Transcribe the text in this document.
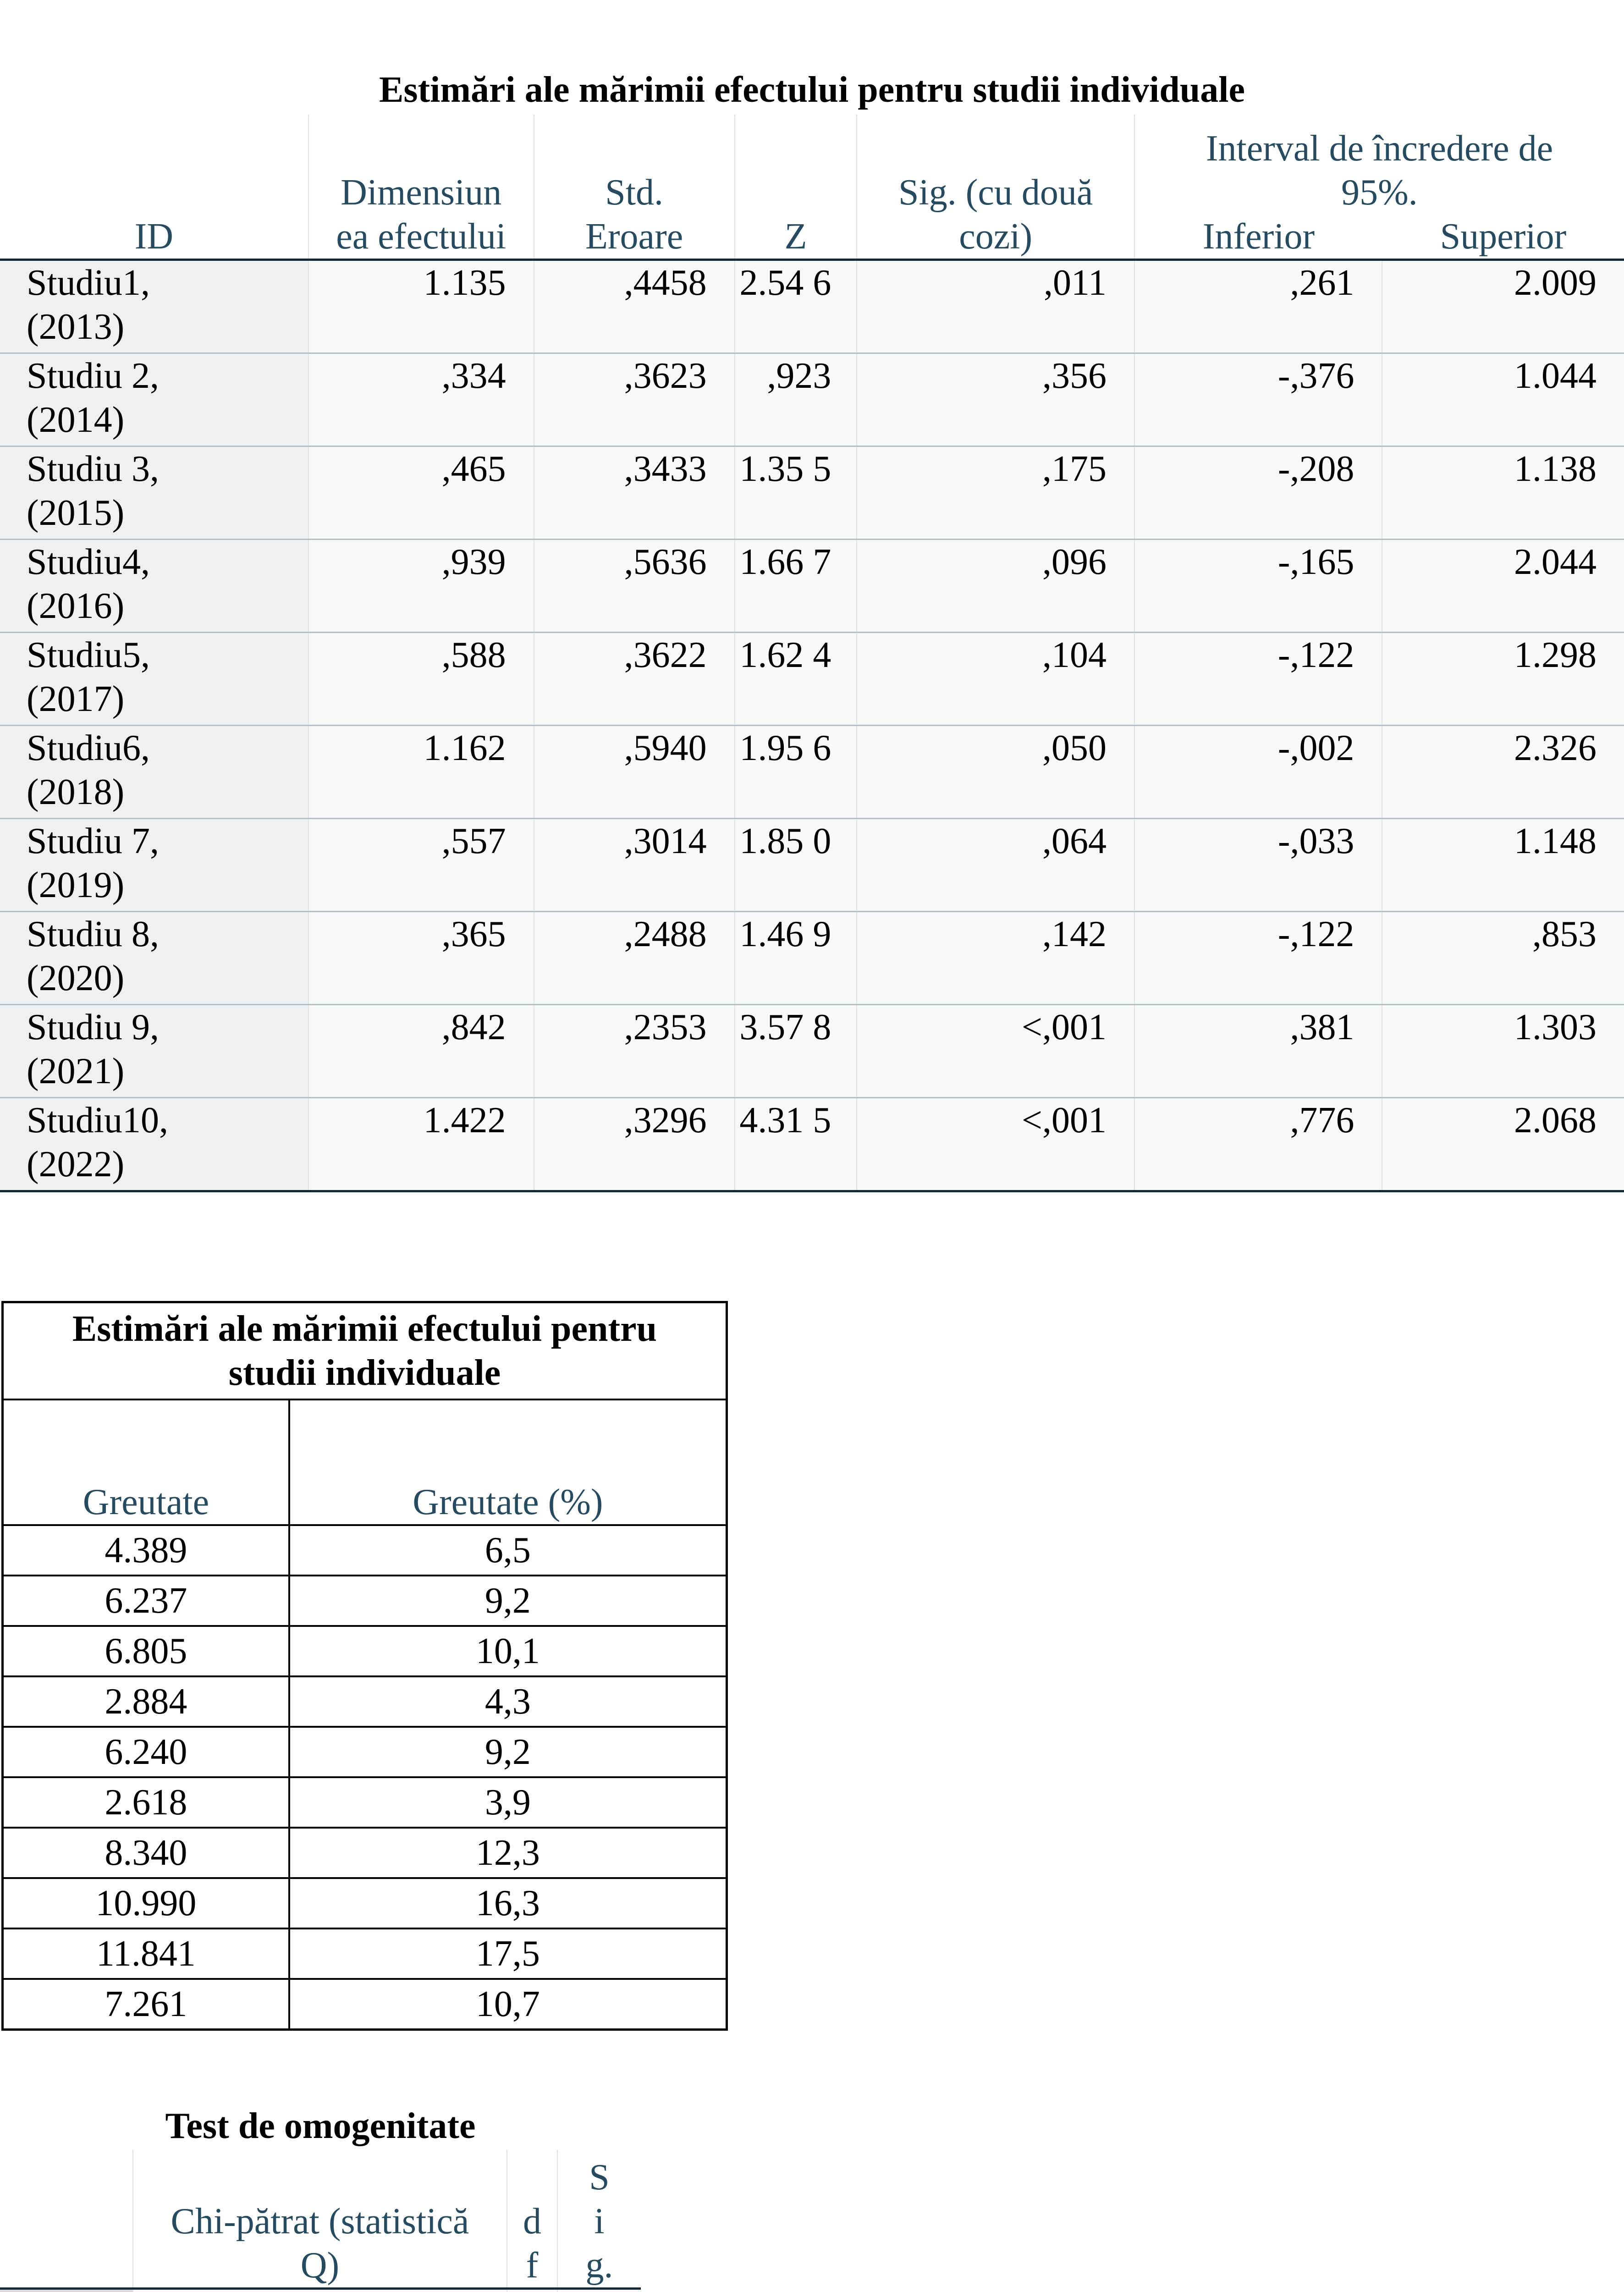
Estimări ale mărimii efectului pentru studii individuale
ID	Dimensiun ea efectului	Std. Eroare	Z	Sig. (cu două cozi)	Interval de încredere de 95%.
Inferior Superior	

Studiu1, (2013)	1.135	,4458	2.54 6	,011	,261	2.009
Studiu 2, (2014)	,334	,3623	,923	,356	-,376	1.044
Studiu 3, (2015)	,465	,3433	1.35 5	,175	-,208	1.138
Studiu4, (2016)	,939	,5636	1.66 7	,096	-,165	2.044
Studiu5, (2017)	,588	,3622	1.62 4	,104	-,122	1.298
Studiu6, (2018)	1.162	,5940	1.95 6	,050	-,002	2.326
Studiu 7, (2019)	,557	,3014	1.85 0	,064	-,033	1.148
Studiu 8, (2020)	,365	,2488	1.46 9	,142	-,122	,853
Studiu 9, (2021)	,842	,2353	3.57 8	<,001	,381	1.303
Studiu10, (2022)	1.422	,3296	4.31 5	<,001	,776	2.068
Estimări ale mărimii efectului pentru studii individuale	
Greutate	Greutate (%)
4.389	6,5
6.237	9,2
6.805	10,1
2.884	4,3
6.240	9,2
2.618	3,9
8.340	12,3
10.990	16,3
11.841	17,5
7.261	10,7
Test de omogenitate
	Chi-pătrat (statistică Q)	df	Sig.
